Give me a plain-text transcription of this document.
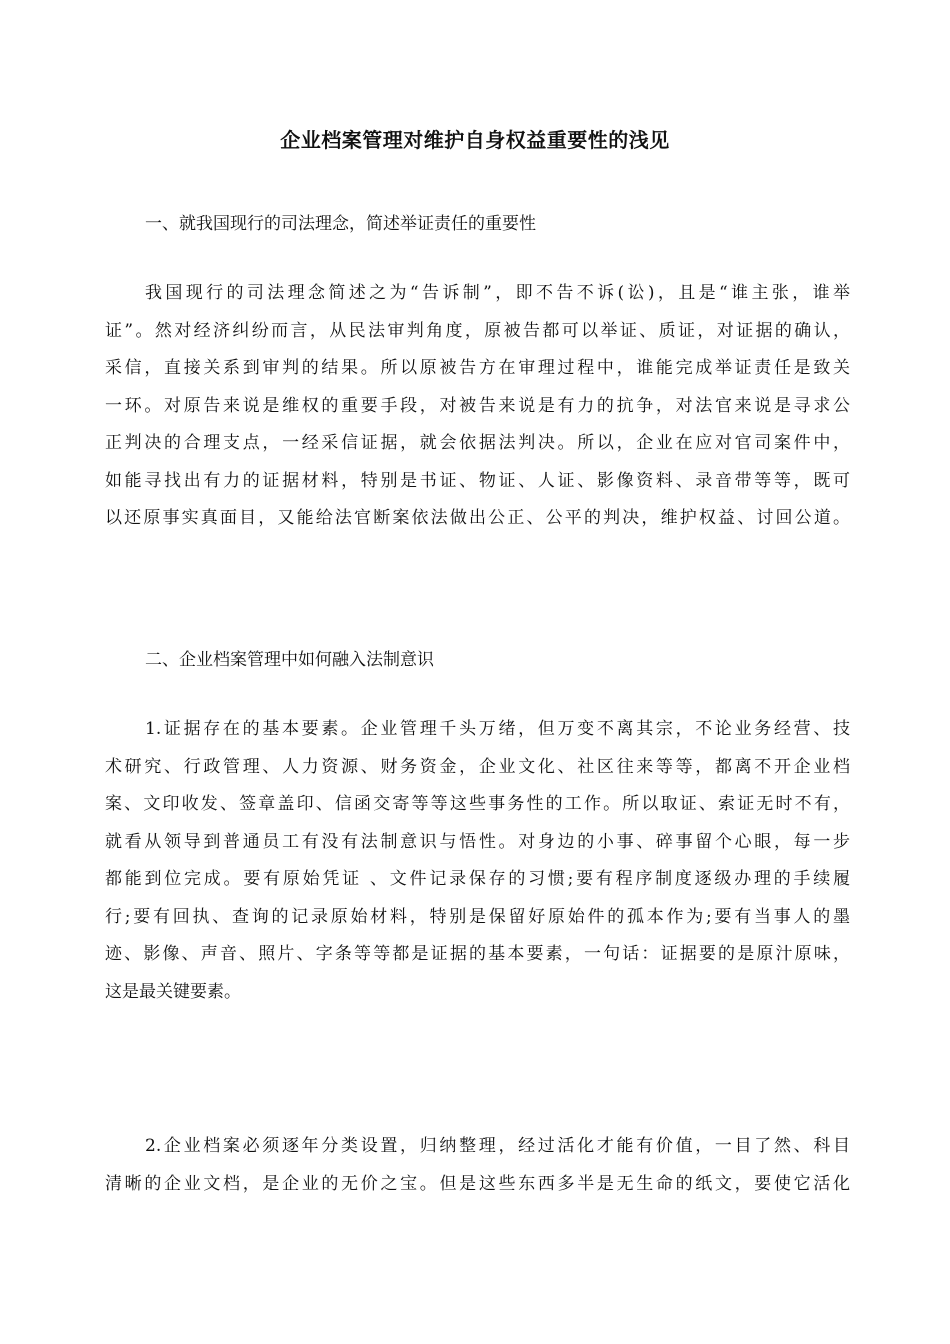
企业档案管理对维护自身权益重要性的浅见
一、就我国现行的司法理念，简述举证责任的重要性
我国现行的司法理念简述之为“告诉制”，即不告不诉(讼)，且是“谁主张，谁举
证”。然对经济纠纷而言，从民法审判角度，原被告都可以举证、质证，对证据的确认，
采信，直接关系到审判的结果。所以原被告方在审理过程中，谁能完成举证责任是致关
一环。对原告来说是维权的重要手段，对被告来说是有力的抗争，对法官来说是寻求公
正判决的合理支点，一经采信证据，就会依据法判决。所以，企业在应对官司案件中，
如能寻找出有力的证据材料，特别是书证、物证、人证、影像资料、录音带等等，既可
以还原事实真面目，又能给法官断案依法做出公正、公平的判决，维护权益、讨回公道。
二、企业档案管理中如何融入法制意识
1.证据存在的基本要素。企业管理千头万绪，但万变不离其宗，不论业务经营、技
术研究、行政管理、人力资源、财务资金，企业文化、社区往来等等，都离不开企业档
案、文印收发、签章盖印、信函交寄等等这些事务性的工作。所以取证、索证无时不有，
就看从领导到普通员工有没有法制意识与悟性。对身边的小事、碎事留个心眼，每一步
都能到位完成。要有原始凭证 、文件记录保存的习惯;要有程序制度逐级办理的手续履
行;要有回执、查询的记录原始材料，特别是保留好原始件的孤本作为;要有当事人的墨
迹、影像、声音、照片、字条等等都是证据的基本要素，一句话：证据要的是原汁原味，
这是最关键要素。
2.企业档案必须逐年分类设置，归纳整理，经过活化才能有价值，一目了然、科目
清晰的企业文档，是企业的无价之宝。但是这些东西多半是无生命的纸文，要使它活化
